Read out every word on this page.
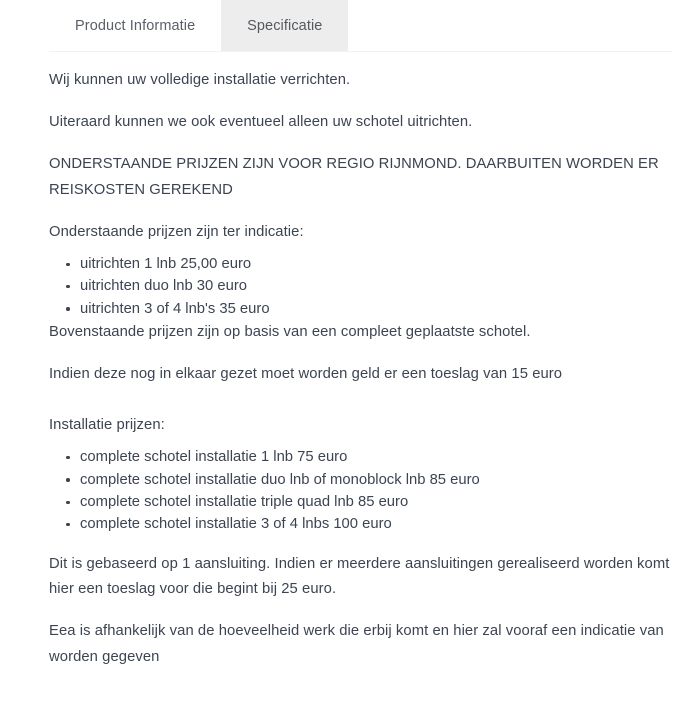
Product Informatie	Specificatie

Wij kunnen uw volledige installatie verrichten.

Uiteraard kunnen we ook eventueel alleen uw schotel uitrichten.

ONDERSTAANDE PRIJZEN ZIJN VOOR REGIO RIJNMOND. DAARBUITEN WORDEN ER REISKOSTEN GEREKEND

Onderstaande prijzen zijn ter indicatie:

uitrichten 1 lnb 25,00 euro
uitrichten duo lnb 30 euro
uitrichten 3 of 4 lnb's 35 euro

Bovenstaande prijzen zijn op basis van een compleet geplaatste schotel.

Indien deze nog in elkaar gezet moet worden geld er een toeslag van 15 euro

Installatie prijzen:

complete schotel installatie 1 lnb 75 euro
complete schotel installatie duo lnb of monoblock lnb 85 euro
complete schotel installatie triple quad lnb 85 euro
complete schotel installatie 3 of 4 lnbs 100 euro

Dit is gebaseerd op 1 aansluiting. Indien er meerdere aansluitingen gerealiseerd worden komt hier een toeslag voor die begint bij 25 euro.

Eea is afhankelijk van de hoeveelheid werk die erbij komt en hier zal vooraf een indicatie van worden gegeven
